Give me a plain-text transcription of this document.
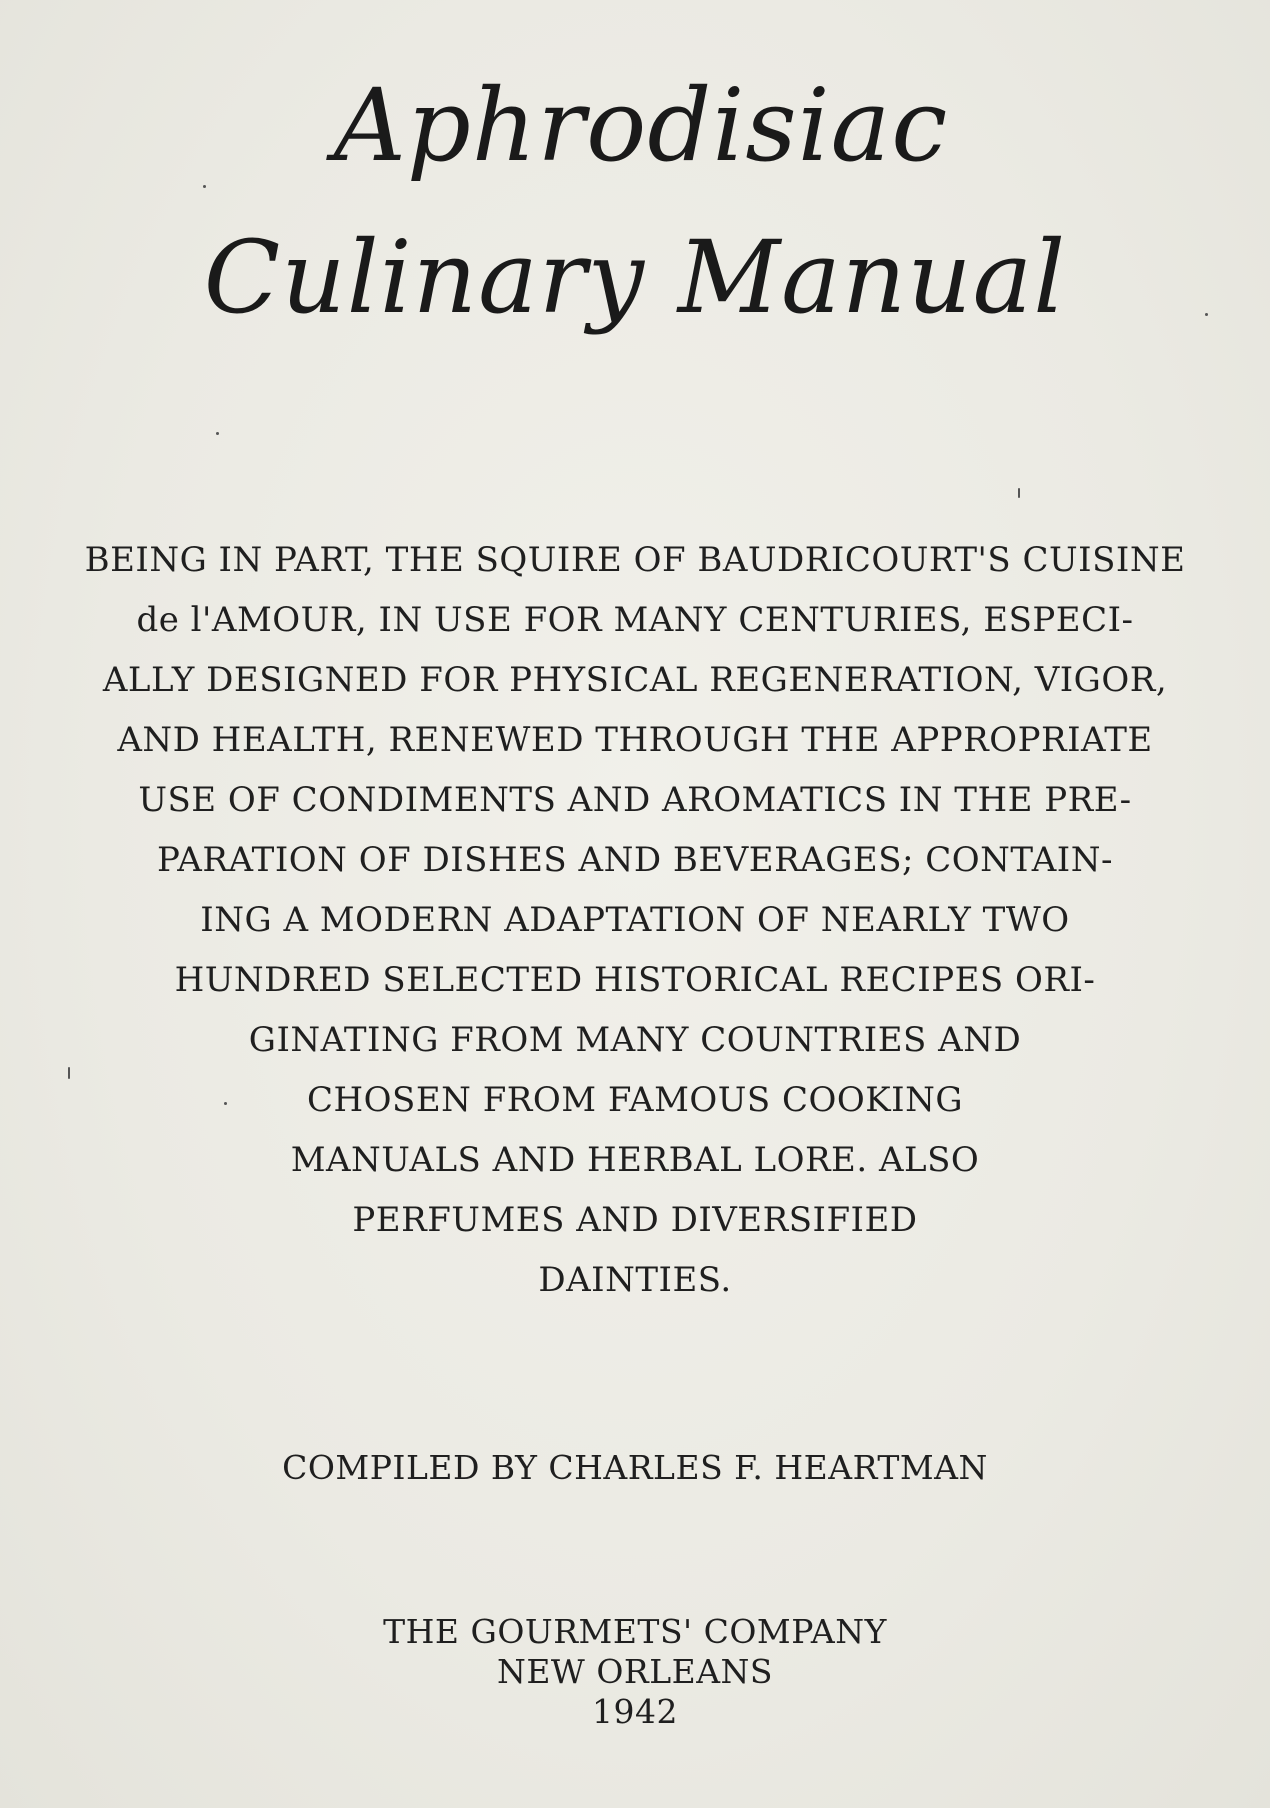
Aphrodisiac
Culinary Manual
BEING IN PART, THE SQUIRE OF BAUDRICOURT'S CUISINE
de l'AMOUR, IN USE FOR MANY CENTURIES, ESPECI-
ALLY DESIGNED FOR PHYSICAL REGENERATION, VIGOR,
AND HEALTH, RENEWED THROUGH THE APPROPRIATE
USE OF CONDIMENTS AND AROMATICS IN THE PRE-
PARATION OF DISHES AND BEVERAGES; CONTAIN-
ING A MODERN ADAPTATION OF NEARLY TWO
HUNDRED SELECTED HISTORICAL RECIPES ORI-
GINATING FROM MANY COUNTRIES AND
CHOSEN FROM FAMOUS COOKING
MANUALS AND HERBAL LORE. ALSO
PERFUMES AND DIVERSIFIED
DAINTIES.
COMPILED BY CHARLES F. HEARTMAN
THE GOURMETS' COMPANY
NEW ORLEANS
1942
